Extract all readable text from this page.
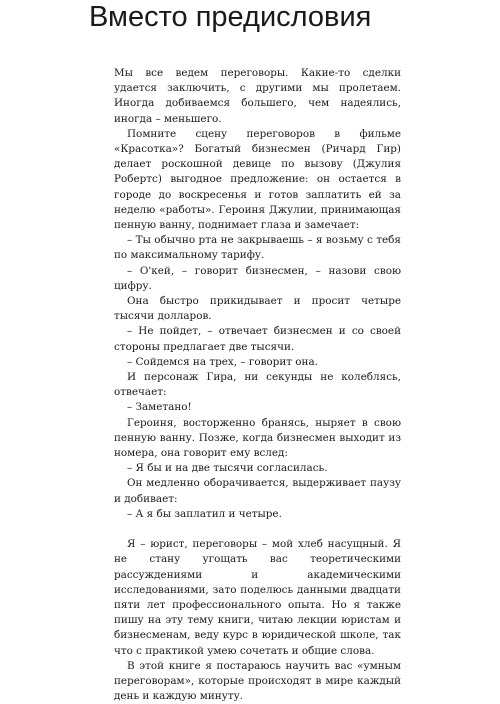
Вместо предисловия

Мы все ведем переговоры. Какие-то сделки удается заключить, с другими мы пролетаем. Иногда добиваемся большего, чем надеялись, иногда – меньшего.

Помните сцену переговоров в фильме «Красотка»? Богатый бизнесмен (Ричард Гир) делает роскошной девице по вызову (Джулия Робертс) выгодное предложение: он остается в городе до воскресенья и готов заплатить ей за неделю «работы». Героиня Джулии, принимающая пенную ванну, поднимает глаза и замечает:

– Ты обычно рта не закрываешь – я возьму с тебя по максимальному тарифу.

– О'кей, – говорит бизнесмен, – назови свою цифру.

Она быстро прикидывает и просит четыре тысячи долларов.

– Не пойдет, – отвечает бизнесмен и со своей стороны предлагает две тысячи.

– Сойдемся на трех, – говорит она.

И персонаж Гира, ни секунды не колеблясь, отвечает:

– Заметано!

Героиня, восторженно бранясь, ныряет в свою пенную ванну. Позже, когда бизнесмен выходит из номера, она говорит ему вслед:

– Я бы и на две тысячи согласилась.

Он медленно оборачивается, выдерживает паузу и добивает:

– А я бы заплатил и четыре.

Я – юрист, переговоры – мой хлеб насущный. Я не стану угощать вас теоретическими рассуждениями и академическими исследованиями, зато поделюсь данными двадцати пяти лет профессионального опыта. Но я также пишу на эту тему книги, читаю лекции юристам и бизнесменам, веду курс в юридической школе, так что с практикой умею сочетать и общие слова.

В этой книге я постараюсь научить вас «умным переговорам», которые происходят в мире каждый день и каждую минуту.
